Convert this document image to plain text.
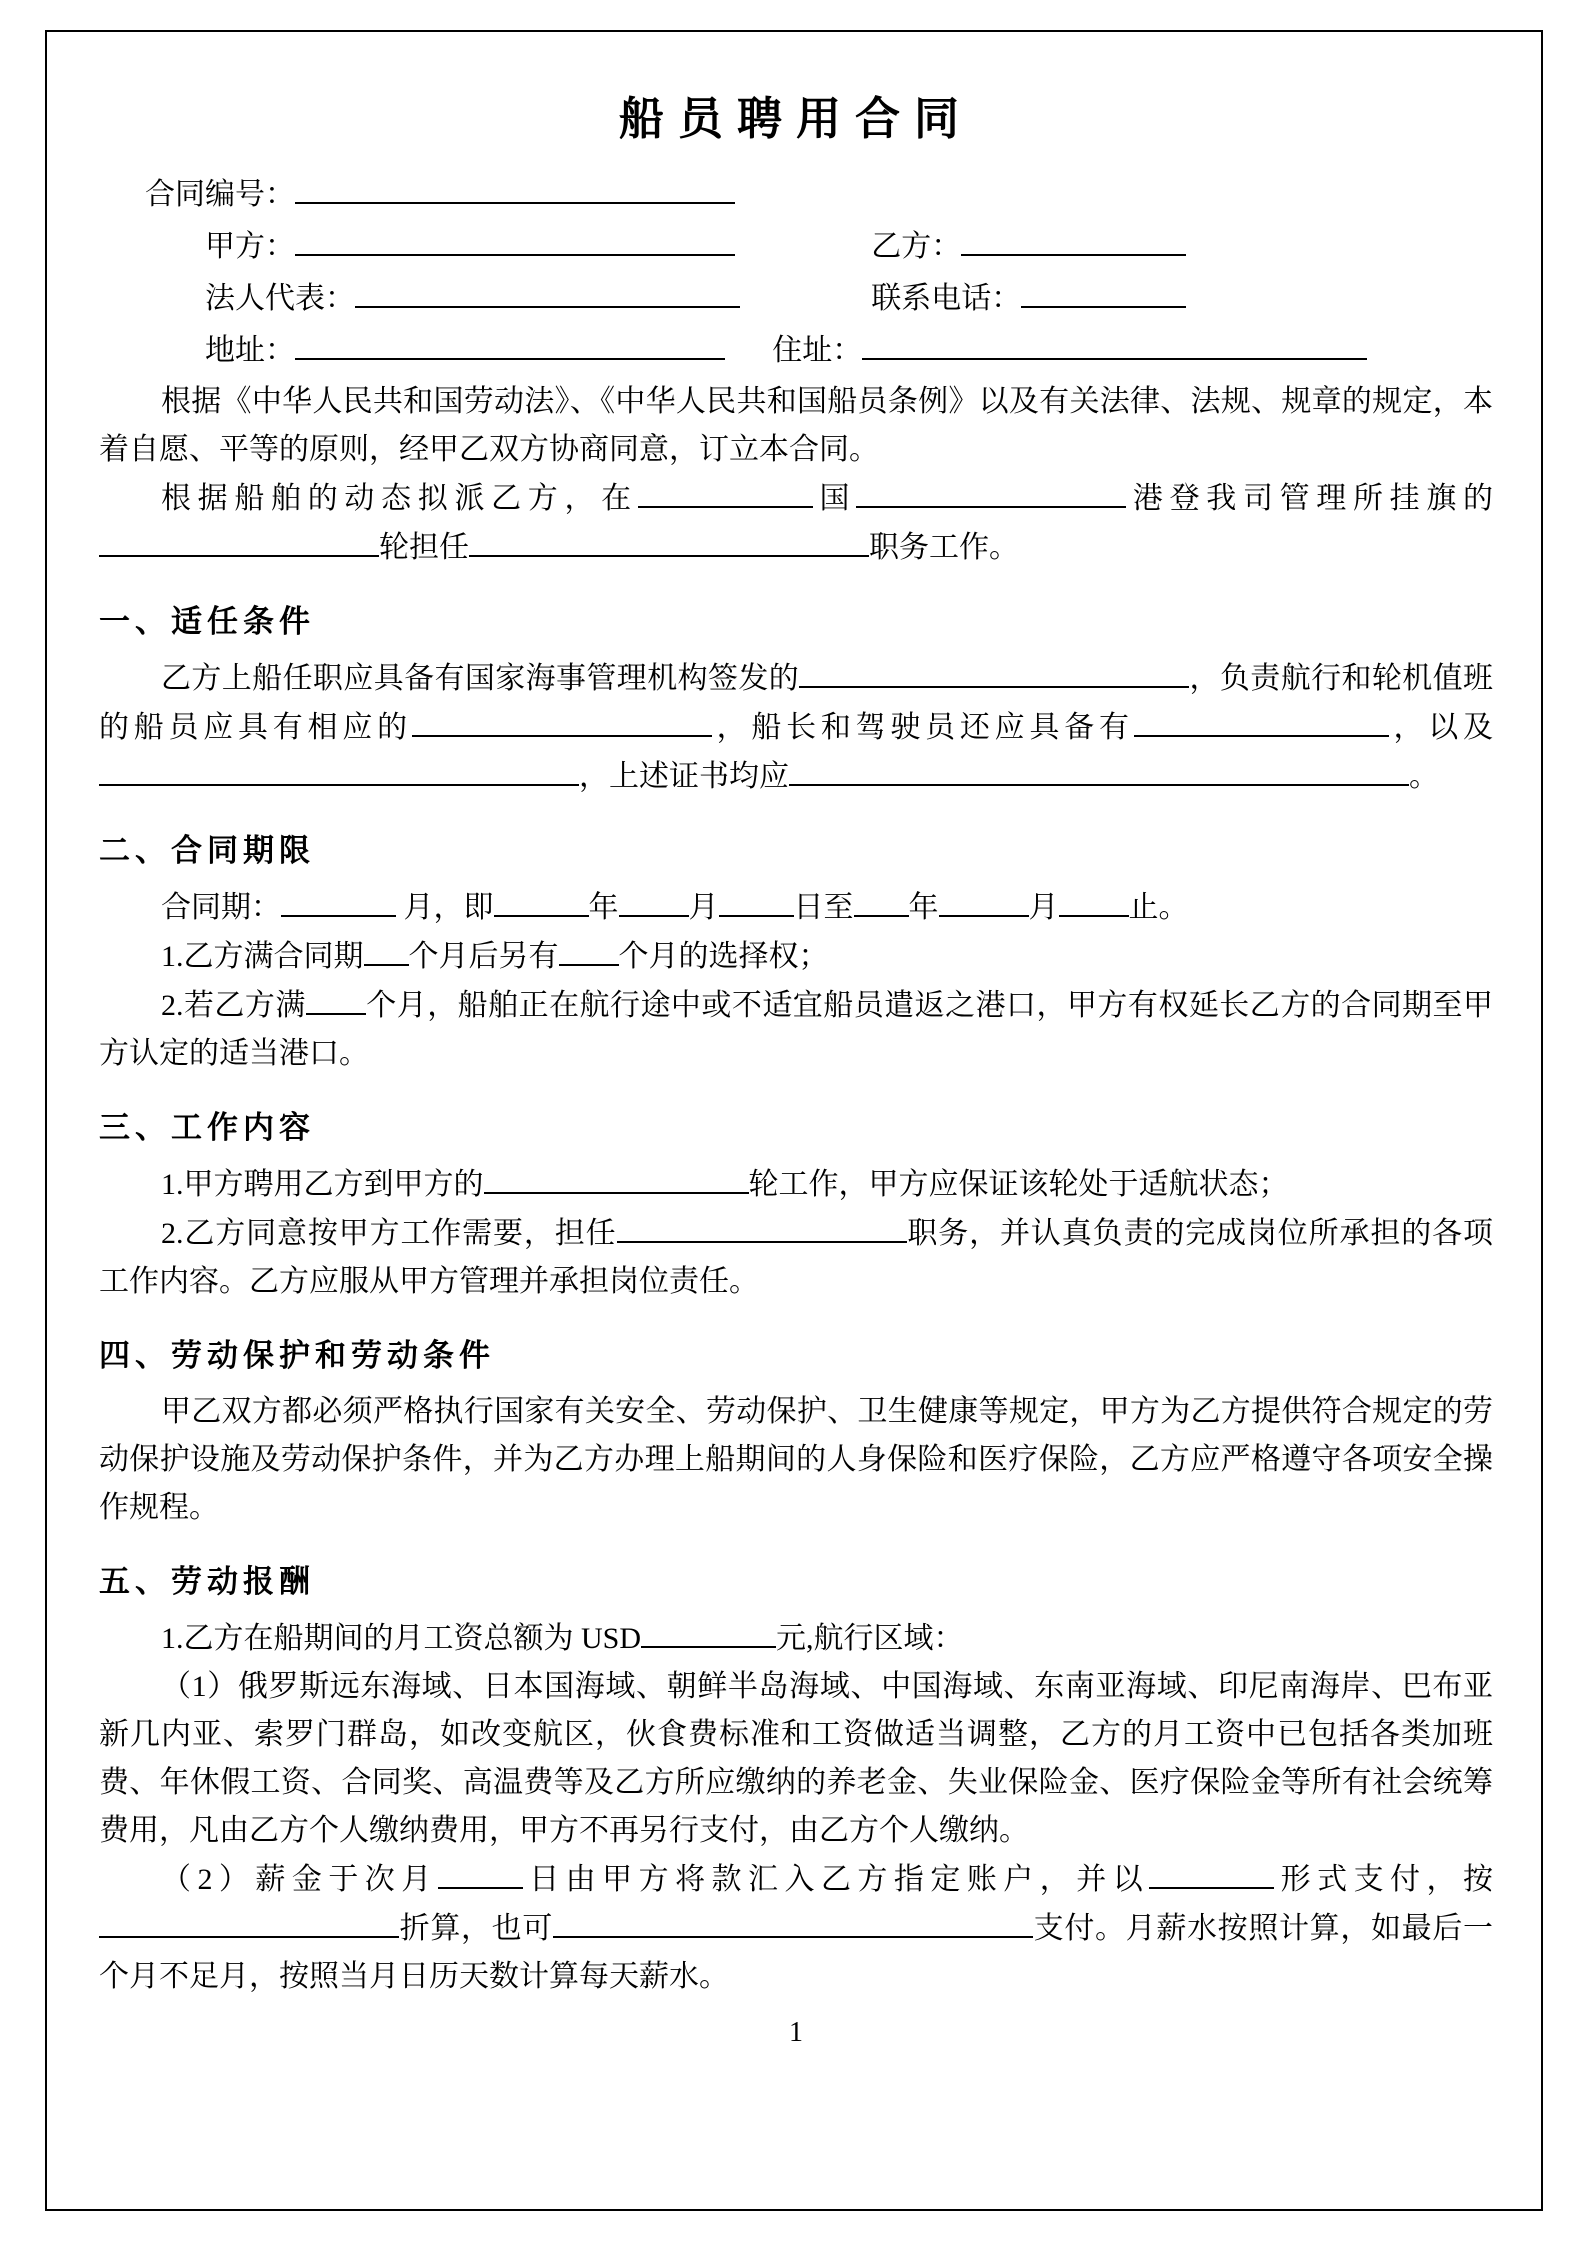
船员聘用合同
合同编号：
甲方：	乙方：
法人代表：	联系电话：
地址：	住址：

根据《中华人民共和国劳动法》、《中华人民共和国船员条例》以及有关法律、法规、规章的规定，本着自愿、平等的原则，经甲乙双方协商同意，订立本合同。

根据船舶的动态拟派乙方，在	国	港登我司管理所挂旗的轮担任	职务工作。

一、适任条件

乙方上船任职应具备有国家海事管理机构签发的	，负责航行和轮机值班的船员应具有相应的	，船长和驾驶员还应具备有	，以及，上述证书均应	。

二、合同期限

合同期：	月，即	年 月	日至 年	月 止。

1.乙方满合同期 个月后另有 个月的选择权；

2.若乙方满 个月，船舶正在航行途中或不适宜船员遣返之港口，甲方有权延长乙方的合同期至甲方认定的适当港口。

三、工作内容

1.甲方聘用乙方到甲方的	轮工作，甲方应保证该轮处于适航状态；

2.乙方同意按甲方工作需要，担任	职务，并认真负责的完成岗位所承担的各项工作内容。乙方应服从甲方管理并承担岗位责任。

四、劳动保护和劳动条件

甲乙双方都必须严格执行国家有关安全、劳动保护、卫生健康等规定，甲方为乙方提供符合规定的劳动保护设施及劳动保护条件，并为乙方办理上船期间的人身保险和医疗保险，乙方应严格遵守各项安全操作规程。

五、劳动报酬

1.乙方在船期间的月工资总额为 USD	元,航行区域：

（1）俄罗斯远东海域、日本国海域、朝鲜半岛海域、中国海域、东南亚海域、印尼南海岸、巴布亚新几内亚、索罗门群岛，如改变航区，伙食费标准和工资做适当调整，乙方的月工资中已包括各类加班费、年休假工资、合同奖、高温费等及乙方所应缴纳的养老金、失业保险金、医疗保险金等所有社会统筹费用，凡由乙方个人缴纳费用，甲方不再另行支付，由乙方个人缴纳。

（2）薪金于次月	日由甲方将款汇入乙方指定账户，并以	形式支付，按折算，也可	支付。月薪水按照计算，如最后一个月不足月，按照当月日历天数计算每天薪水。

1
